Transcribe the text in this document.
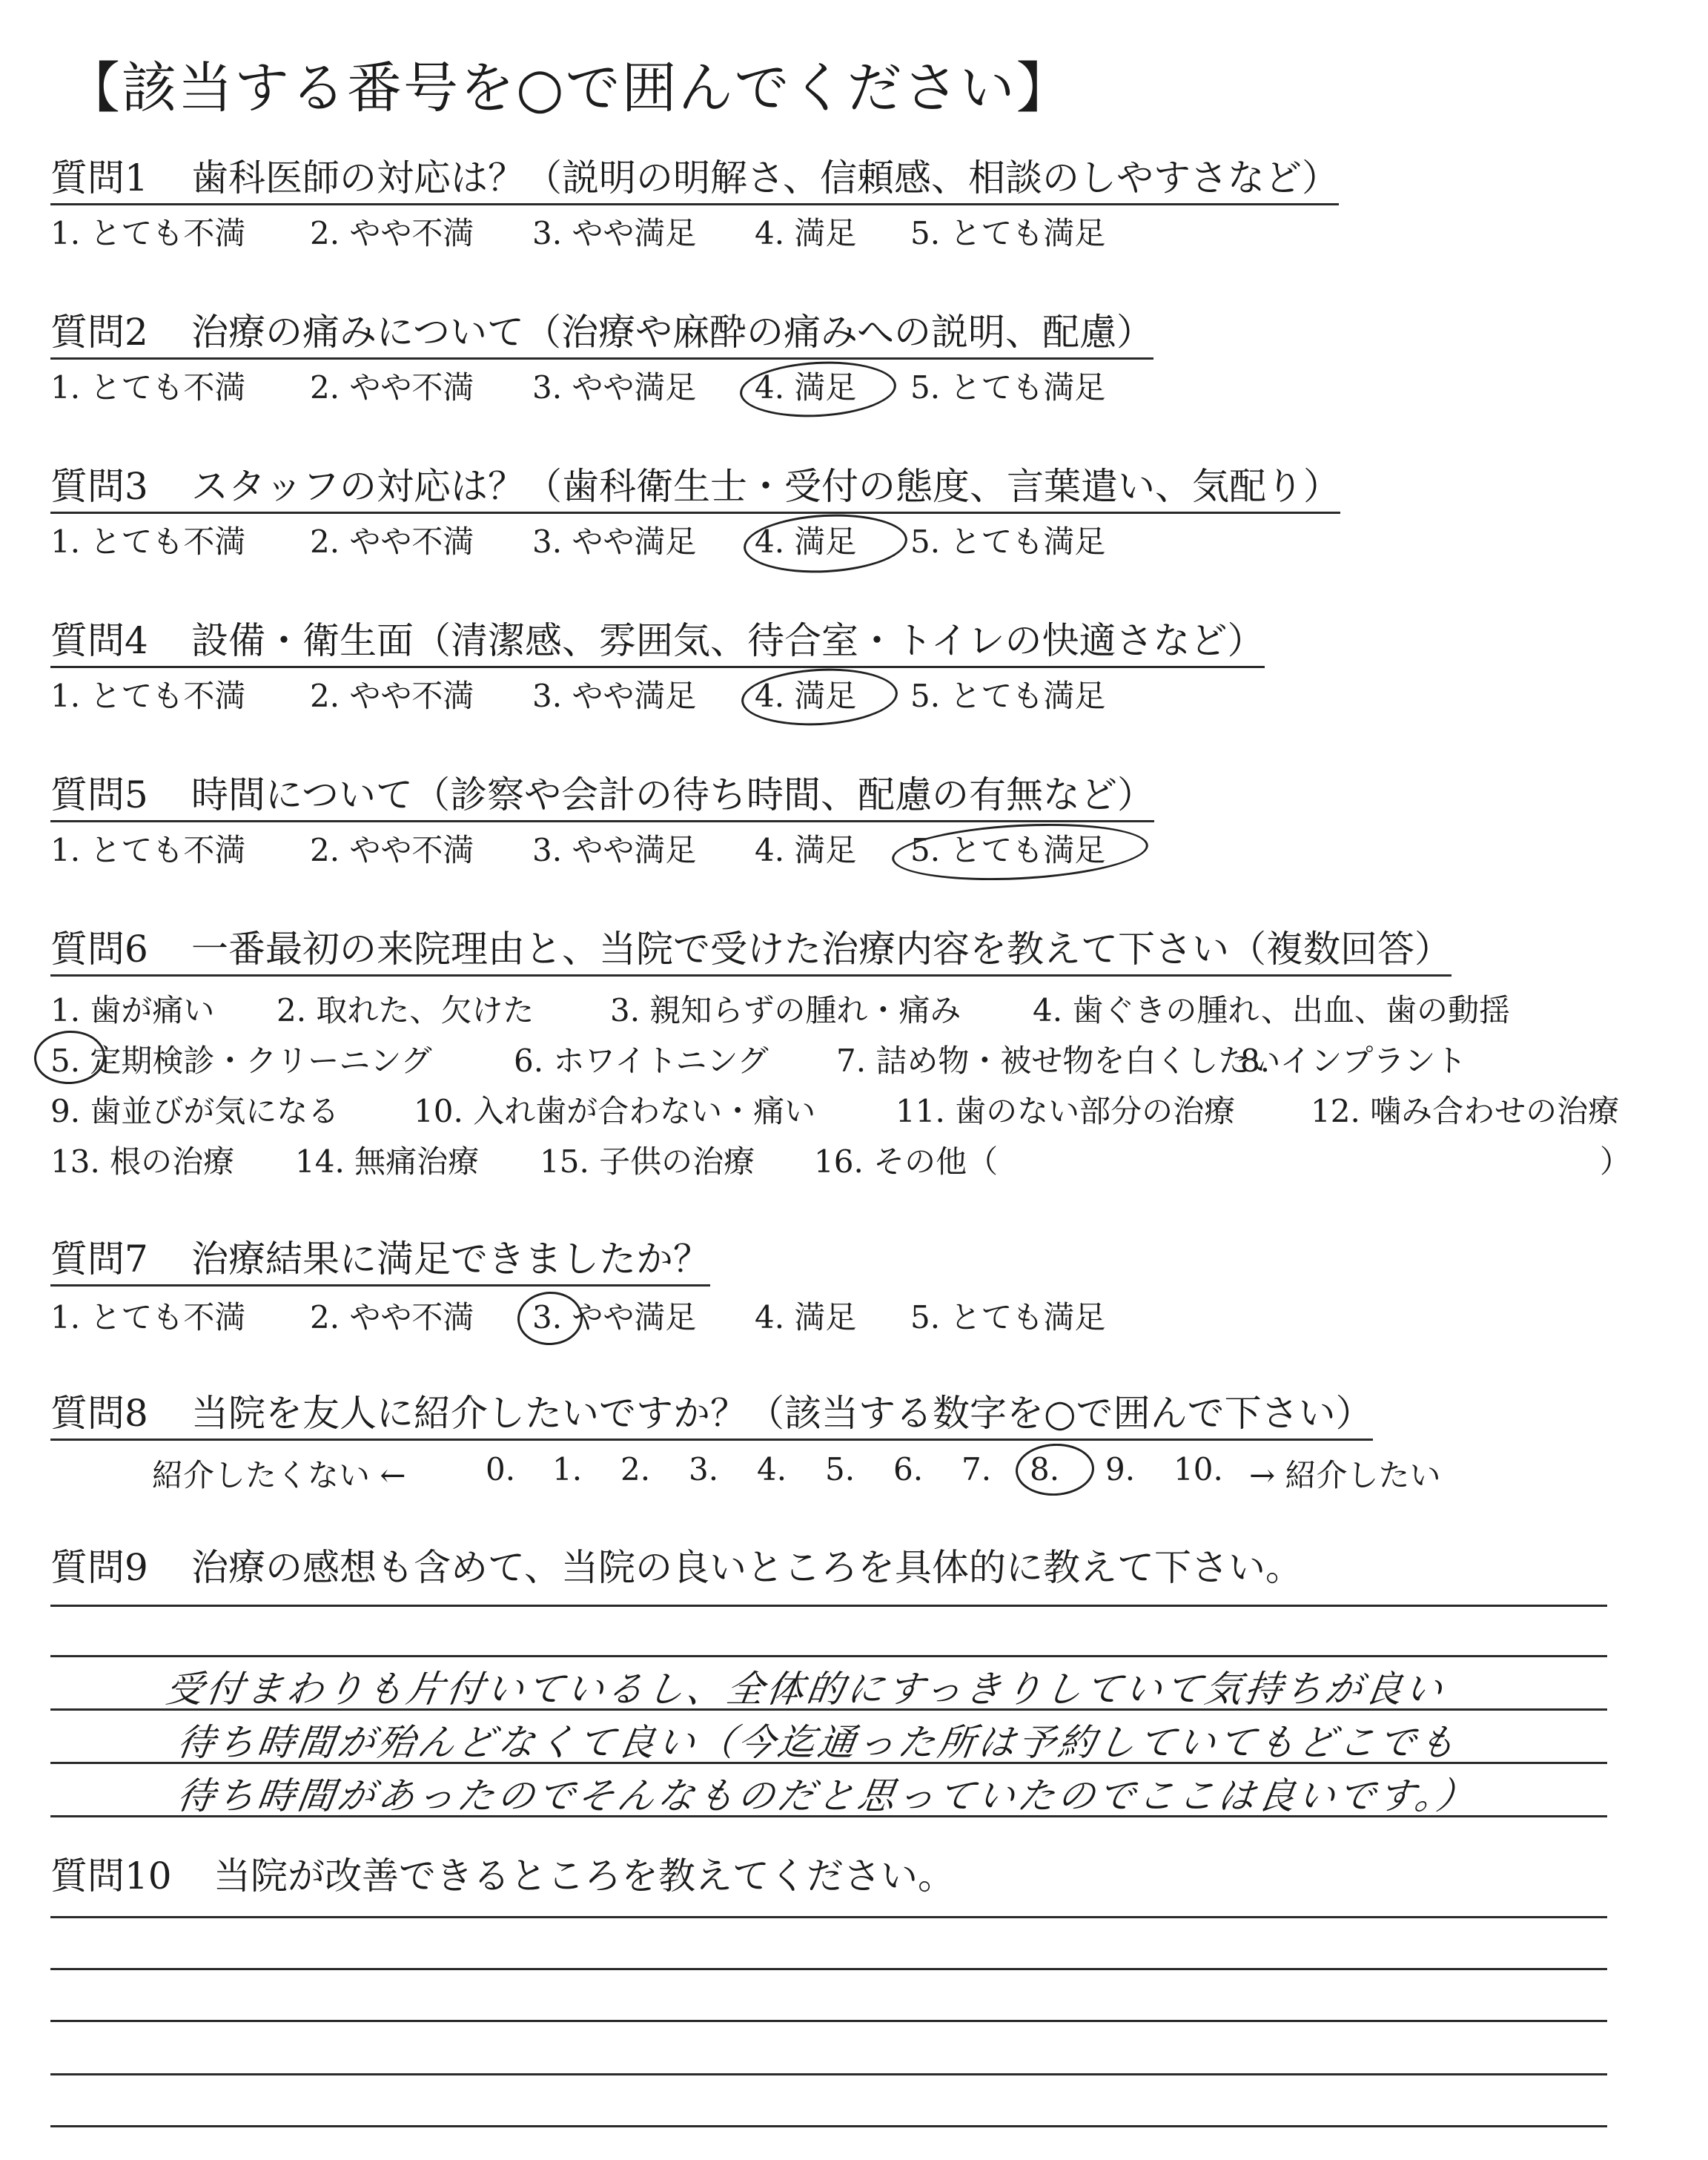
【該当する番号を○で囲んでください】
質問1 歯科医師の対応は？（説明の明解さ、信頼感、相談のしやすさなど）
1. とても不満 2. やや不満 3. やや満足 4. 満足 5. とても満足
質問2 治療の痛みについて（治療や麻酔の痛みへの説明、配慮）
1. とても不満 2. やや不満 3. やや満足 4. 満足 5. とても満足
質問3 スタッフの対応は？（歯科衛生士・受付の態度、言葉遣い、気配り）
1. とても不満 2. やや不満 3. やや満足 4. 満足 5. とても満足
質問4 設備・衛生面（清潔感、雰囲気、待合室・トイレの快適さなど）
1. とても不満 2. やや不満 3. やや満足 4. 満足 5. とても満足
質問5 時間について（診察や会計の待ち時間、配慮の有無など）
1. とても不満 2. やや不満 3. やや満足 4. 満足 5. とても満足
質問6 一番最初の来院理由と、当院で受けた治療内容を教えて下さい（複数回答）
1. 歯が痛い 2. 取れた、欠けた 3. 親知らずの腫れ・痛み 4. 歯ぐきの腫れ、出血、歯の動揺
5. 定期検診・クリーニング	6. ホワイトニング 7. 詰め物・被せ物を白くしたい
8. インプラント
9. 歯並びが気になる 10. 入れ歯が合わない・痛い	11. 歯のない部分の治療 12. 噛み合わせの治療
13. 根の治療 14. 無痛治療 15. 子供の治療 16. その他（	）
質問7 治療結果に満足できましたか？
1. とても不満 2. やや不満 3. やや満足 4. 満足 5. とても満足
質問8 当院を友人に紹介したいですか？（該当する数字を○で囲んで下さい）
紹介したくない ←	0. 1. 2. 3. 4. 5. 6. 7. 8. 9. 10. → 紹介したい
質問9 治療の感想も含めて、当院の良いところを具体的に教えて下さい。
受付まわりも片付いているし、全体的にすっきりしていて気持ちが良い
待ち時間が殆んどなくて良い（今迄通った所は予約していてもどこでも
待ち時間があったのでそんなものだと思っていたのでここは良いです。）
質問10 当院が改善できるところを教えてください。
